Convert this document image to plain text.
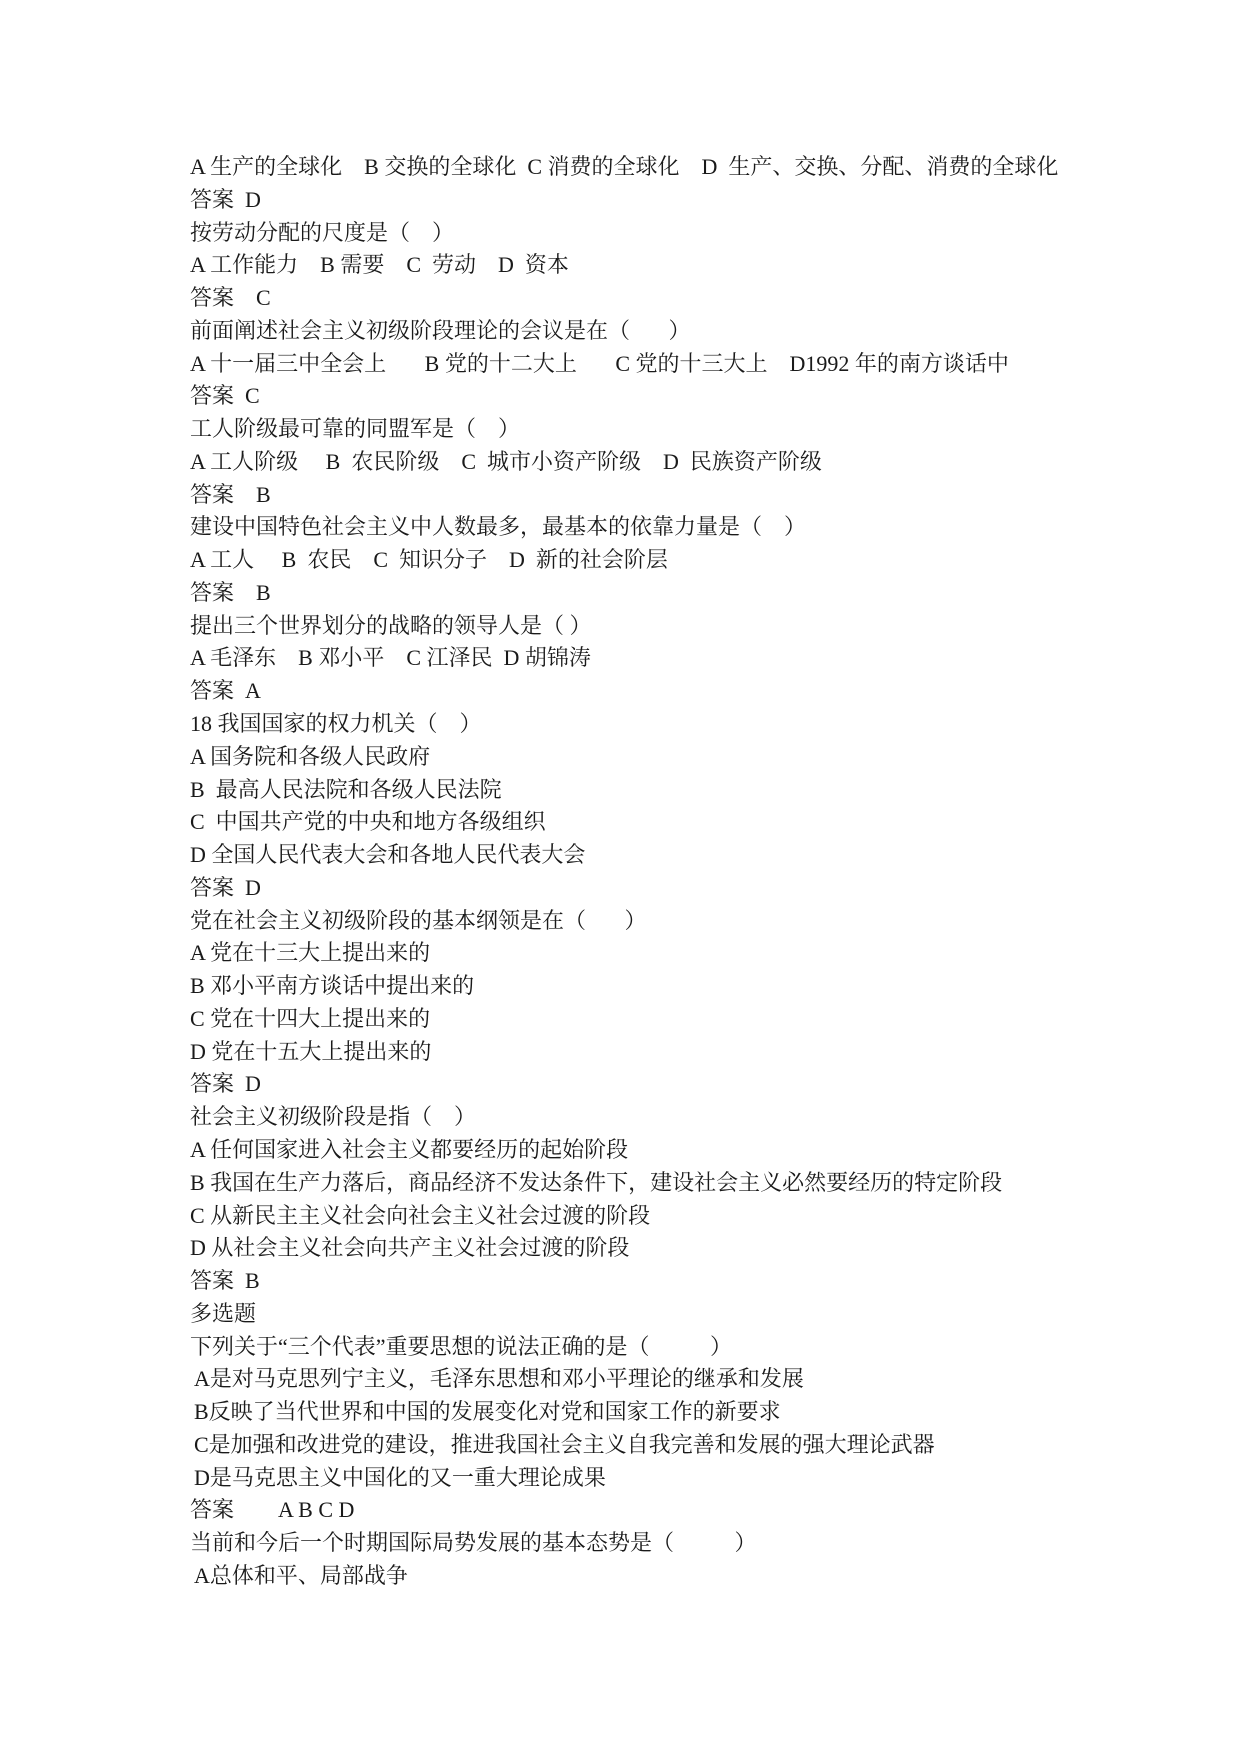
A 生产的全球化    B 交换的全球化  C 消费的全球化    D  生产、交换、分配、消费的全球化
答案  D
按劳动分配的尺度是（    ）
A 工作能力    B 需要    C  劳动    D  资本
答案    C
前面阐述社会主义初级阶段理论的会议是在（       ）
A 十一届三中全会上       B 党的十二大上       C 党的十三大上    D1992 年的南方谈话中
答案  C
工人阶级最可靠的同盟军是（    ）
A 工人阶级     B  农民阶级    C  城市小资产阶级    D  民族资产阶级
答案    B
建设中国特色社会主义中人数最多，最基本的依靠力量是（    ）
A 工人     B  农民    C  知识分子    D  新的社会阶层
答案    B
提出三个世界划分的战略的领导人是（ ）
A 毛泽东    B 邓小平    C 江泽民  D 胡锦涛
答案  A
18 我国国家的权力机关（    ）
A 国务院和各级人民政府
B  最高人民法院和各级人民法院
C  中国共产党的中央和地方各级组织
D 全国人民代表大会和各地人民代表大会
答案  D
党在社会主义初级阶段的基本纲领是在（       ）
A 党在十三大上提出来的
B 邓小平南方谈话中提出来的
C 党在十四大上提出来的
D 党在十五大上提出来的
答案  D
社会主义初级阶段是指（    ）
A 任何国家进入社会主义都要经历的起始阶段
B 我国在生产力落后，商品经济不发达条件下，建设社会主义必然要经历的特定阶段
C 从新民主主义社会向社会主义社会过渡的阶段
D 从社会主义社会向共产主义社会过渡的阶段
答案  B
多选题
下列关于“三个代表”重要思想的说法正确的是（           ）
A是对马克思列宁主义，毛泽东思想和邓小平理论的继承和发展
B反映了当代世界和中国的发展变化对党和国家工作的新要求
C是加强和改进党的建设，推进我国社会主义自我完善和发展的强大理论武器
D是马克思主义中国化的又一重大理论成果
答案        A B C D
当前和今后一个时期国际局势发展的基本态势是（           ）
A总体和平、局部战争
